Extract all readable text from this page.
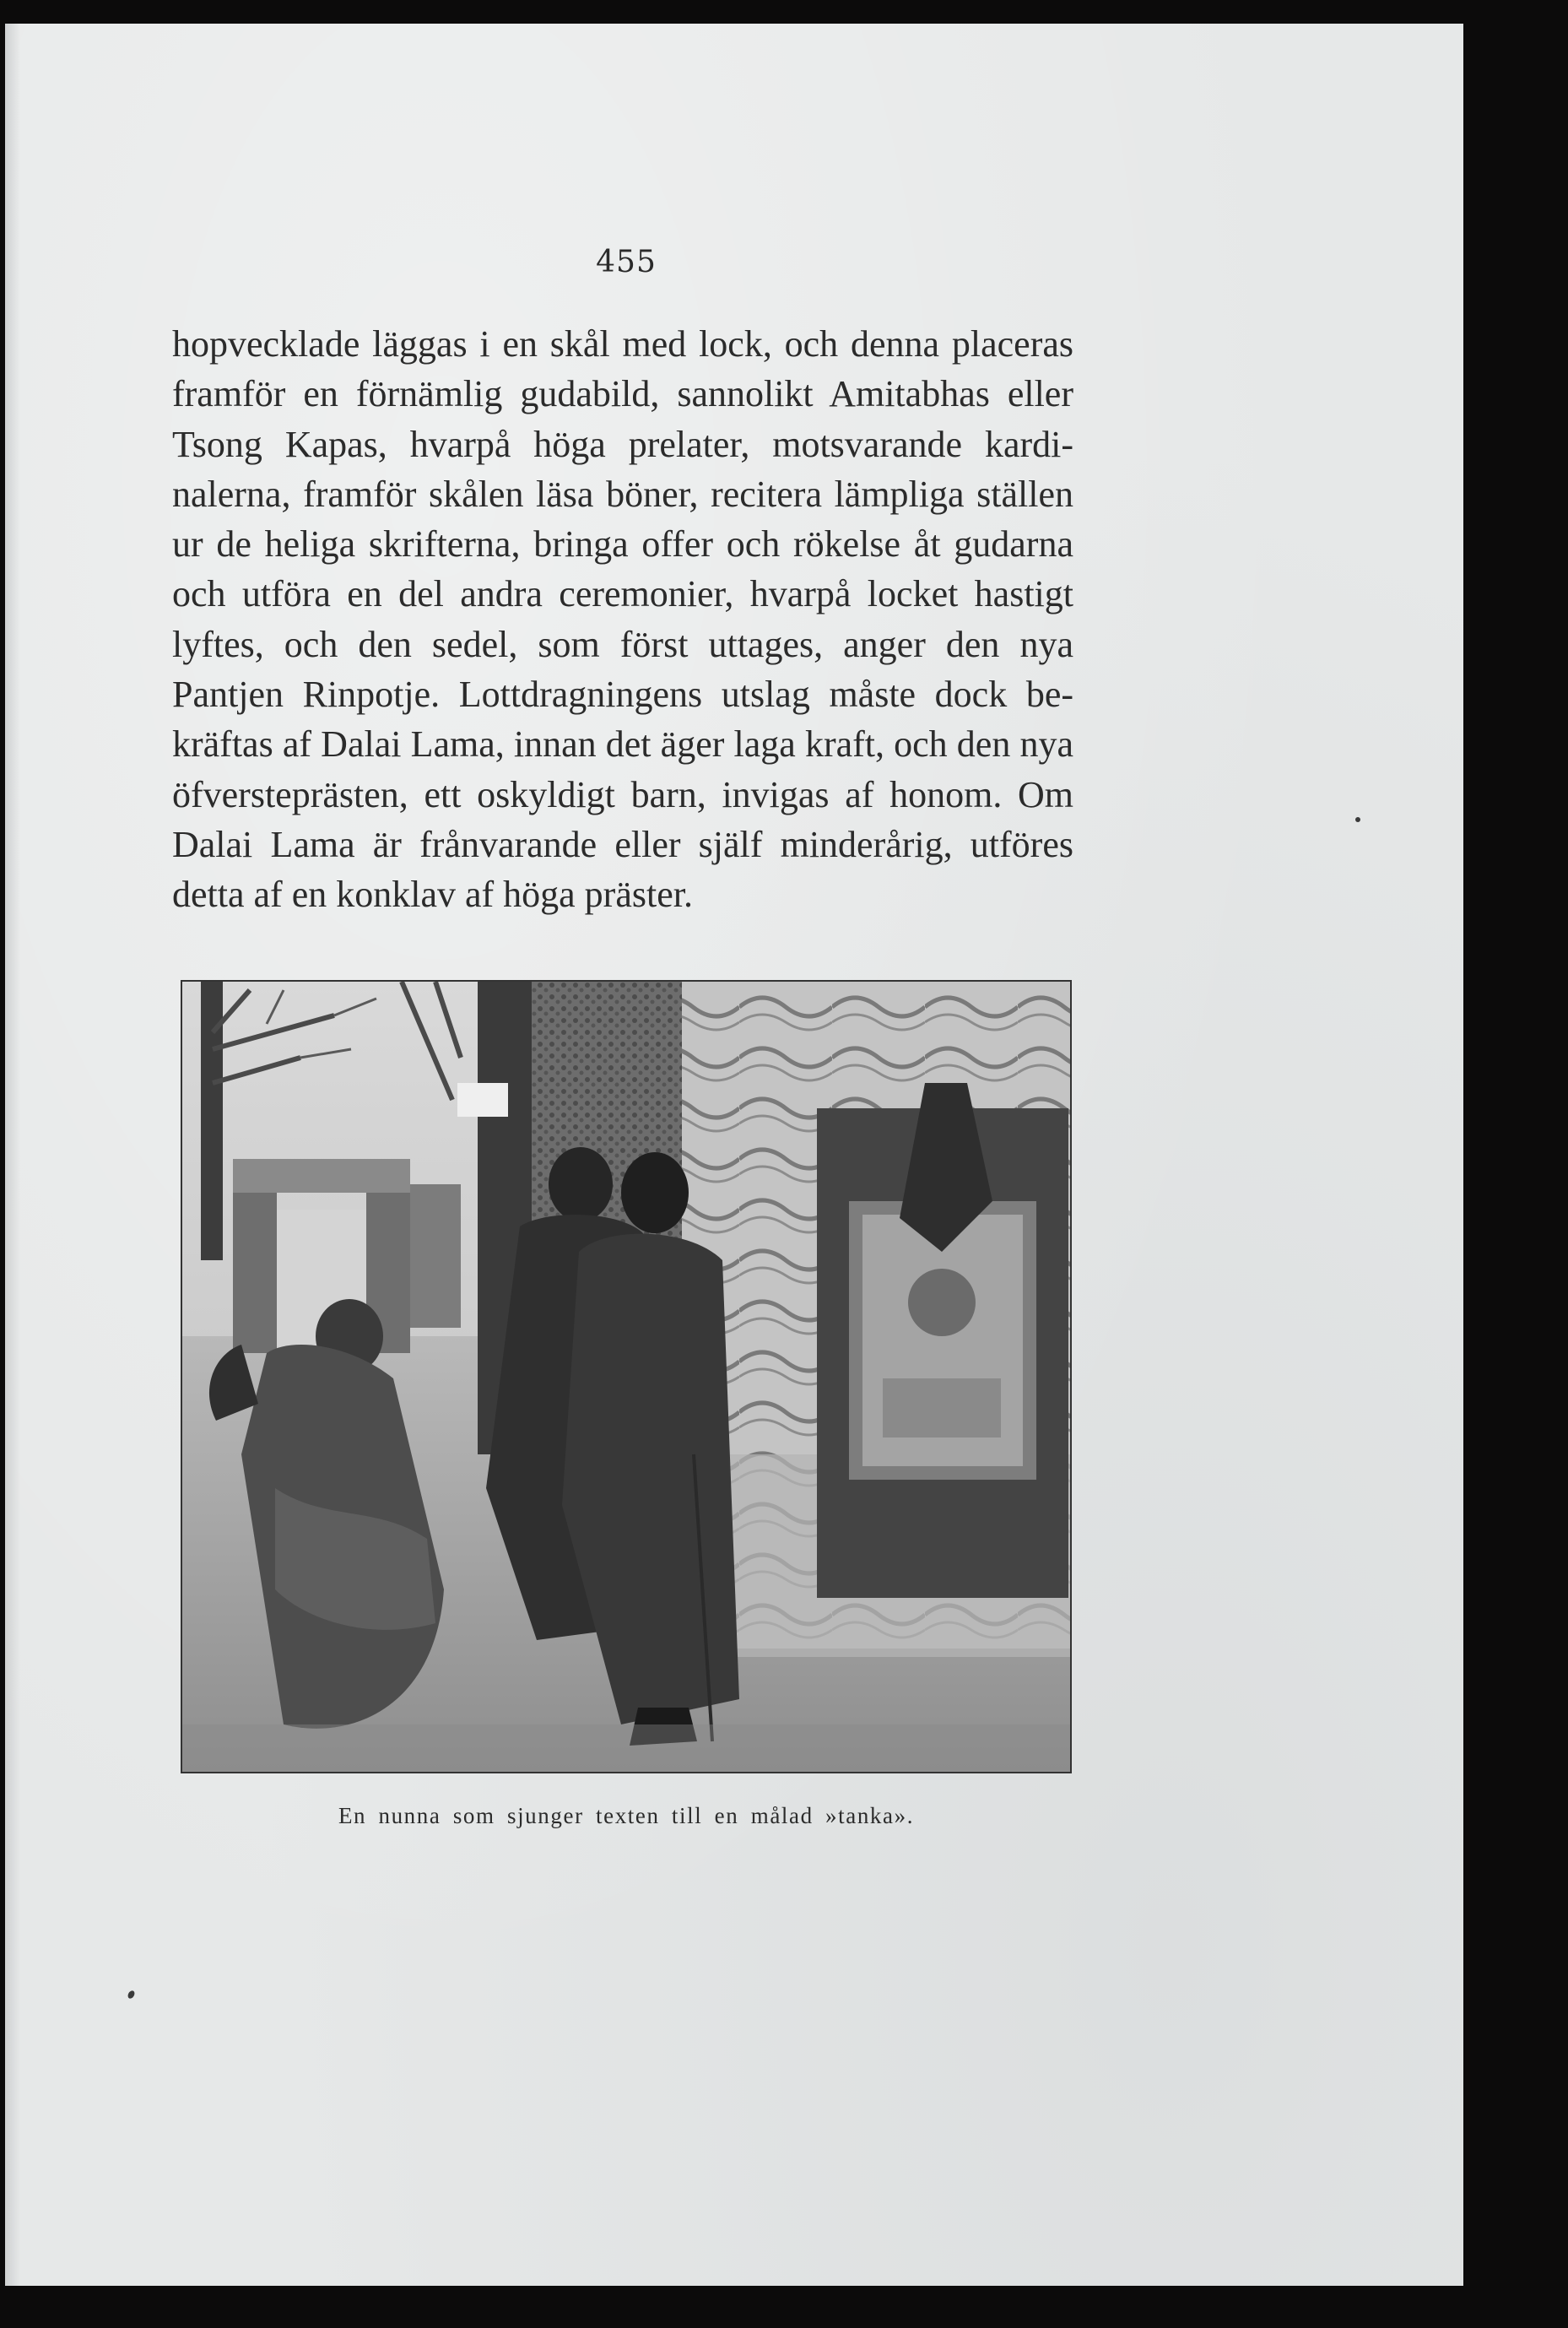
455

hopvecklade läggas i en skål med lock, och denna placeras
framför en förnämlig gudabild, sannolikt Amitabhas eller
Tsong Kapas, hvarpå höga prelater, motsvarande kardi-
nalerna, framför skålen läsa böner, recitera lämpliga ställen
ur de heliga skrifterna, bringa offer och rökelse åt gudarna
och utföra en del andra ceremonier, hvarpå locket hastigt
lyftes, och den sedel, som först uttages, anger den nya
Pantjen Rinpotje. Lottdragningens utslag måste dock be-
kräftas af Dalai Lama, innan det äger laga kraft, och den nya
öfversteprästen, ett oskyldigt barn, invigas af honom. Om
Dalai Lama är frånvarande eller själf minderårig, utföres
detta af en konklav af höga präster.

En nunna som sjunger texten till en målad »tanka».
